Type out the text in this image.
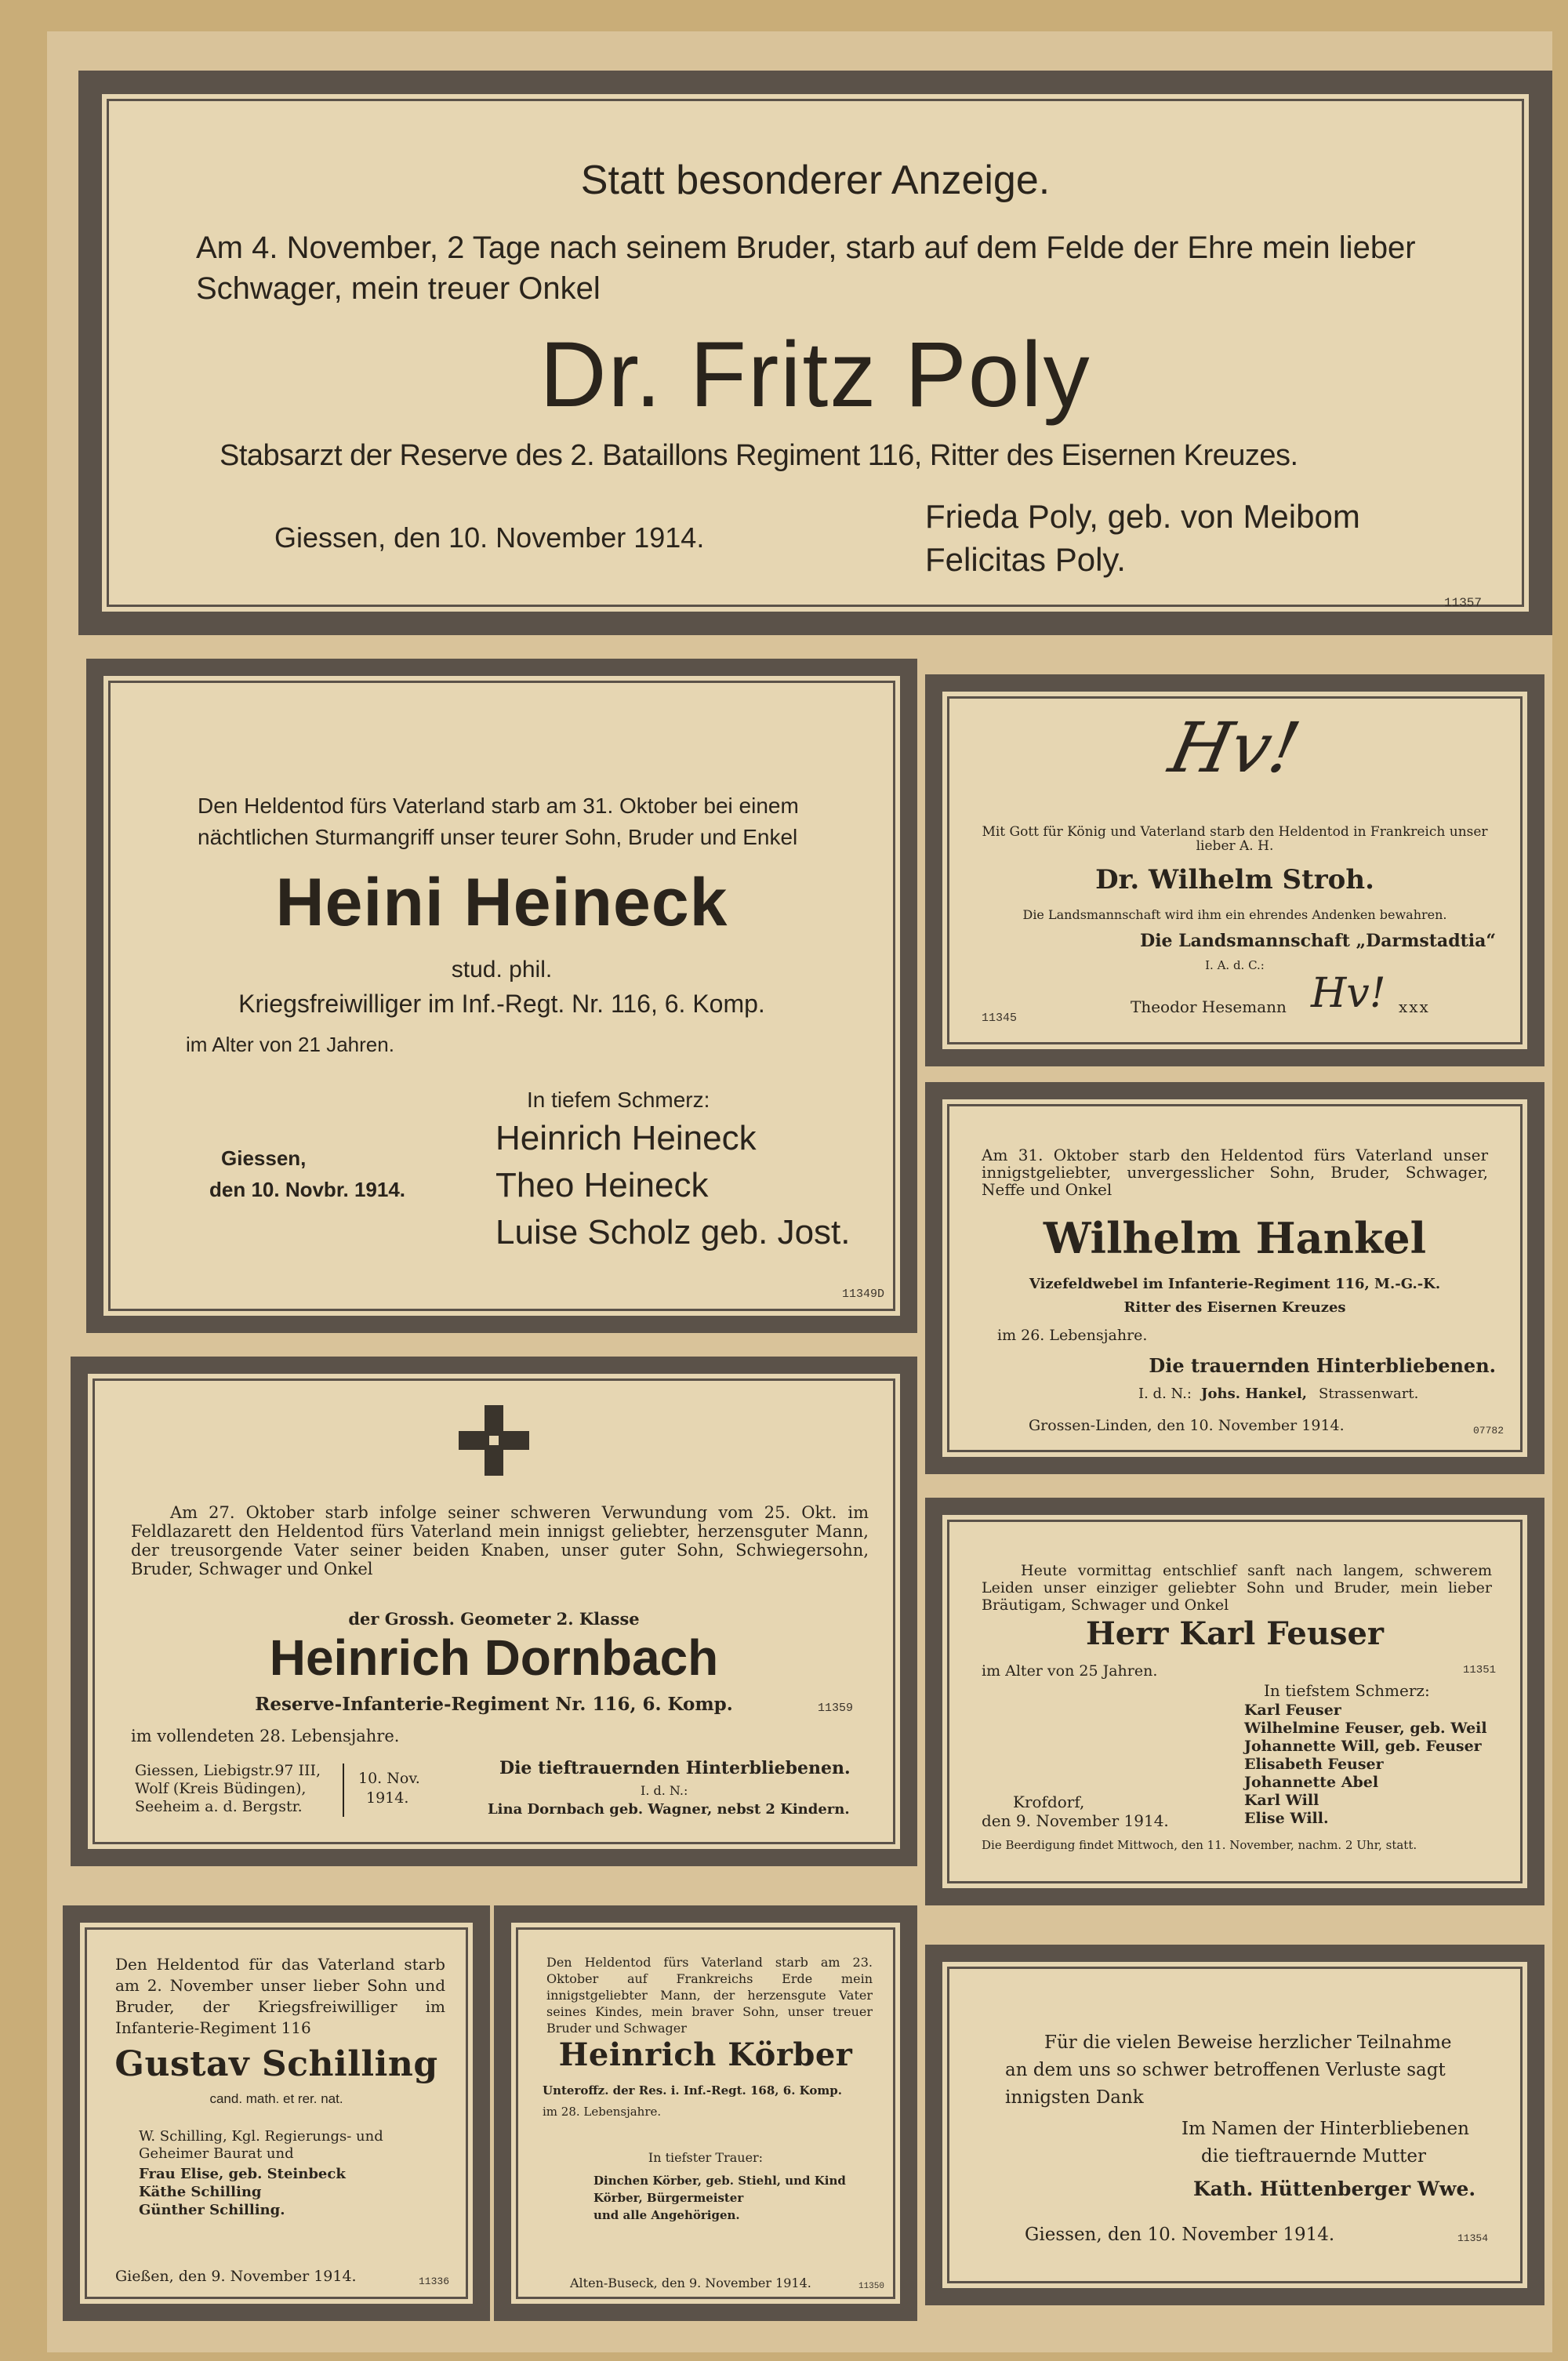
Statt besonderer Anzeige.
Am 4. November, 2 Tage nach seinem Bruder, starb auf dem Felde der Ehre mein lieber Schwager, mein treuer Onkel
Dr. Fritz Poly
Stabsarzt der Reserve des 2. Bataillons Regiment 116, Ritter des Eisernen Kreuzes.
Giessen, den 10. November 1914.
Frieda Poly, geb. von Meibom
Felicitas Poly.
11357
Den Heldentod fürs Vaterland starb am 31. Oktober bei einem
nächtlichen Sturmangriff unser teurer Sohn, Bruder und Enkel
Heini Heineck
stud. phil.
Kriegsfreiwilliger im Inf.-Regt. Nr. 116, 6. Komp.
im Alter von 21 Jahren.
In tiefem Schmerz:
Giessen,
den 10. Novbr. 1914.
Heinrich Heineck
Theo Heineck
Luise Scholz geb. Jost.
11349D
Hv!
Mit Gott für König und Vaterland starb den Heldentod in Frankreich unser lieber A. H.
Dr. Wilhelm Stroh.
Die Landsmannschaft wird ihm ein ehrendes Andenken bewahren.
Die Landsmannschaft „Darmstadtia“
I. A. d. C.:
11345
Theodor Hesemann Hv! xxx
Am 31. Oktober starb den Heldentod fürs Vaterland unser innigstgeliebter, unvergesslicher Sohn, Bruder, Schwager, Neffe und Onkel
Wilhelm Hankel
Vizefeldwebel im Infanterie-Regiment 116, M.-G.-K.
Ritter des Eisernen Kreuzes
im 26. Lebensjahre.
Die trauernden Hinterbliebenen.
I. d. N.: Johs. Hankel, Strassenwart.
Grossen-Linden, den 10. November 1914.	07782
Am 27. Oktober starb infolge seiner schweren Verwundung vom 25. Okt. im Feldlazarett den Heldentod fürs Vaterland mein innigst geliebter, herzensguter Mann, der treusorgende Vater seiner beiden Knaben, unser guter Sohn, Schwiegersohn, Bruder, Schwager und Onkel
der Grossh. Geometer 2. Klasse
Heinrich Dornbach
Reserve-Infanterie-Regiment Nr. 116, 6. Komp.	11359
im vollendeten 28. Lebensjahre.
Giessen, Liebigstr.97 III,
Wolf (Kreis Büdingen),
Seeheim a. d. Bergstr.
10. Nov.
1914.
Die tieftrauernden Hinterbliebenen.
I. d. N.:
Lina Dornbach geb. Wagner, nebst 2 Kindern.
Heute vormittag entschlief sanft nach langem, schwerem Leiden unser einziger geliebter Sohn und Bruder, mein lieber Bräutigam, Schwager und Onkel
Herr Karl Feuser
im Alter von 25 Jahren.	11351
In tiefstem Schmerz:
Karl Feuser
Wilhelmine Feuser, geb. Weil
Johannette Will, geb. Feuser
Elisabeth Feuser
Johannette Abel
Karl Will
Elise Will.
Krofdorf,
den 9. November 1914.
Die Beerdigung findet Mittwoch, den 11. November, nachm. 2 Uhr, statt.
Den Heldentod für das Vaterland starb am 2. November unser lieber Sohn und Bruder, der Kriegsfreiwilliger im Infanterie-Regiment 116
Gustav Schilling
cand. math. et rer. nat.
W. Schilling, Kgl. Regierungs- und Geheimer Baurat und
Frau Elise, geb. Steinbeck
Käthe Schilling
Günther Schilling.
Gießen, den 9. November 1914.	11336
Den Heldentod fürs Vaterland starb am 23. Oktober auf Frankreichs Erde mein innigstgeliebter Mann, der herzensgute Vater seines Kindes, mein braver Sohn, unser treuer Bruder und Schwager
Heinrich Körber
Unteroffz. der Res. i. Inf.-Regt. 168, 6. Komp.
im 28. Lebensjahre.
In tiefster Trauer:
Dinchen Körber, geb. Stiehl, und Kind
Körber, Bürgermeister
und alle Angehörigen.
Alten-Buseck, den 9. November 1914.	11350
Für die vielen Beweise herzlicher Teilnahme
an dem uns so schwer betroffenen Verluste sagt
innigsten Dank
Im Namen der Hinterbliebenen
die tieftrauernde Mutter
Kath. Hüttenberger Wwe.
Giessen, den 10. November 1914.	11354
